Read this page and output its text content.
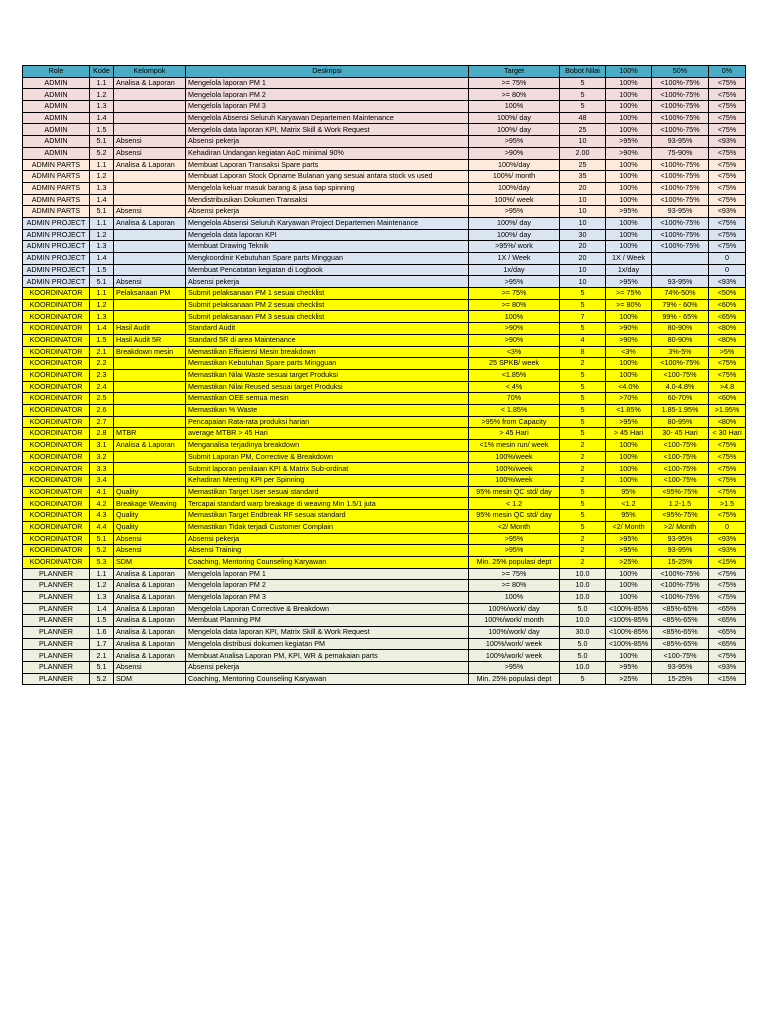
Role	Kode	Kelompok	Deskripsi	Target	Bobot Nilai	100%	50%	0%
ADMIN	1.1	Analisa & Laporan	Mengelola laporan PM 1	>= 75%	5	100%	<100%-75%	<75%
ADMIN	1.2		Mengelola laporan PM 2	>= 80%	5	100%	<100%-75%	<75%
ADMIN	1.3		Mengelola laporan PM 3	100%	5	100%	<100%-75%	<75%
ADMIN	1.4		Mengelola Absensi Seluruh Karyawan Departemen Maintenance	100%/ day	48	100%	<100%-75%	<75%
ADMIN	1.5		Mengelola data laporan KPI, Matrix Skill & Work Request	100%/ day	25	100%	<100%-75%	<75%
ADMIN	5.1	Absensi	Absensi pekerja	>95%	10	>95%	93-95%	<93%
ADMIN	5.2	Absensi	Kehadiran Undangan kegiatan AoC minimal 90%	>90%	2.00	>90%	75-90%	<75%
ADMIN PARTS	1.1	Analisa & Laporan	Membuat Laporan Transaksi Spare parts	100%/day	25	100%	<100%-75%	<75%
ADMIN PARTS	1.2		Membuat Laporan Stock Opname Bulanan yang sesuai antara stock vs used	100%/ month	35	100%	<100%-75%	<75%
ADMIN PARTS	1.3		Mengelola keluar masuk barang & jasa tiap spinning	100%/day	20	100%	<100%-75%	<75%
ADMIN PARTS	1.4		Mendistribusikan Dokumen Transaksi	100%/ week	10	100%	<100%-75%	<75%
ADMIN PARTS	5.1	Absensi	Absensi pekerja	>95%	10	>95%	93-95%	<93%
ADMIN PROJECT	1.1	Analisa & Laporan	Mengelola Absensi Seluruh Karyawan Project Departemen Maintenance	100%/ day	10	100%	<100%-75%	<75%
ADMIN PROJECT	1.2		Mengelola data laporan KPI	100%/ day	30	100%	<100%-75%	<75%
ADMIN PROJECT	1.3		Membuat Drawing Teknik	>95%/ work	20	100%	<100%-75%	<75%
ADMIN PROJECT	1.4		Mengkoordinir Kebutuhan Spare parts Mingguan	1X / Week	20	1X / Week		0
ADMIN PROJECT	1.5		Membuat Pencatatan kegiatan di Logbook	1x/day	10	1x/day		0
ADMIN PROJECT	5.1	Absensi	Absensi pekerja	>95%	10	>95%	93-95%	<93%
KOORDINATOR	1.1	Pelaksanaan PM	Submit pelaksanaan PM 1 sesuai checklist	>= 75%	5	>= 75%	74%-50%	<50%
KOORDINATOR	1.2		Submit pelaksanaan PM 2 sesuai checklist	>= 80%	5	>= 80%	79% - 60%	<60%
KOORDINATOR	1.3		Submit pelaksanaan PM 3 sesuai checklist	100%	7	100%	99% - 65%	<65%
KOORDINATOR	1.4	Hasil Audit	Standard Audit	>90%	5	>90%	80-90%	<80%
KOORDINATOR	1.5	Hasil Audit 5R	Standard 5R di area Maintenance	>90%	4	>90%	80-90%	<80%
KOORDINATOR	2.1	Breakdown mesin	Memastikan Effisiensi Mesin breakdown	<3%	8	<3%	3%-5%	>5%
KOORDINATOR	2.2		Memastikan Kebutuhan Spare parts Mingguan	25 SPKB/ week	2	100%	<100%-75%	<75%
KOORDINATOR	2.3		Memastikan Nilai Waste sesuai target Produksi	<1.85%	5	100%	<100-75%	<75%
KOORDINATOR	2.4		Memastikan Nilai Reused sesuai target Produksi	< 4%	5	<4.0%	4.0-4.8%	>4.8
KOORDINATOR	2.5		Memastikan OEE semua mesin	70%	5	>70%	60-70%	<60%
KOORDINATOR	2.6		Memastikan % Waste	< 1.85%	5	<1.85%	1.85-1.95%	>1.95%
KOORDINATOR	2.7		Pencapaian Rata-rata produksi harian	>95% from Capacity	5	>95%	80-95%	<80%
KOORDINATOR	2.8	MTBR	average MTBR > 45 Hari	> 45 Hari	5	> 45 Hari	30- 45 Hari	< 30 Hari
KOORDINATOR	3.1	Analisa & Laporan	Menganalisa terjadinya breakdown	<1% mesin run/ week	2	100%	<100-75%	<75%
KOORDINATOR	3.2		Submit Laporan PM, Corrective & Breakdown	100%/week	2	100%	<100-75%	<75%
KOORDINATOR	3.3		Submit laporan penilaian KPI & Matrix Sub-ordinat	100%/week	2	100%	<100-75%	<75%
KOORDINATOR	3.4		Kehadiran Meeting KPI per Spinning	100%/week	2	100%	<100-75%	<75%
KOORDINATOR	4.1	Quality	Memastikan Target User sesuai standard	95% mesin QC std/ day	5	95%	<95%-75%	<75%
KOORDINATOR	4.2	Breakage Weaving	Tercapai standard warp breakage di weaving Min 1.5/1 juta	< 1.2	5	<1.2	1.2-1.5	>1.5
KOORDINATOR	4.3	Quality	Memastikan Target Endbreak RF sesuai standard	95% mesin QC std/ day	5	95%	<95%-75%	<75%
KOORDINATOR	4.4	Quality	Memastikan Tidak terjadi Customer Complain	<2/ Month	5	<2/ Month	>2/ Month	0
KOORDINATOR	5.1	Absensi	Absensi pekerja	>95%	2	>95%	93-95%	<93%
KOORDINATOR	5.2	Absensi	Absensi Training	>95%	2	>95%	93-95%	<93%
KOORDINATOR	5.3	SDM	Coaching, Mentoring Counseling Karyawan	Min. 25% populasi dept	2	>25%	15-25%	<15%
PLANNER	1.1	Analisa & Laporan	Mengelola laporan PM 1	>= 75%	10.0	100%	<100%-75%	<75%
PLANNER	1.2	Analisa & Laporan	Mengelola laporan PM 2	>= 80%	10.0	100%	<100%-75%	<75%
PLANNER	1.3	Analisa & Laporan	Mengelola laporan PM 3	100%	10.0	100%	<100%-75%	<75%
PLANNER	1.4	Analisa & Laporan	Mengelola Laporan Corrective & Breakdown	100%/work/ day	5.0	<100%-85%	<85%-65%	<65%
PLANNER	1.5	Analisa & Laporan	Membuat Planning PM	100%/work/ month	10.0	<100%-85%	<85%-65%	<65%
PLANNER	1.6	Analisa & Laporan	Mengelola data laporan KPI, Matrix Skill & Work Request	100%/work/ day	30.0	<100%-85%	<85%-65%	<65%
PLANNER	1.7	Analisa & Laporan	Mengelola distribusi dokumen kegiatan PM	100%/work/ week	5.0	<100%-85%	<85%-65%	<65%
PLANNER	2.1	Analisa & Laporan	Membuat Analisa Laporan PM, KPI, WR & pemakaian parts	100%/work/ week	5.0	100%	<100-75%	<75%
PLANNER	5.1	Absensi	Absensi pekerja	>95%	10.0	>95%	93-95%	<93%
PLANNER	5.2	SDM	Coaching, Mentoring Counseling Karyawan	Min. 25% populasi dept	5	>25%	15-25%	<15%
